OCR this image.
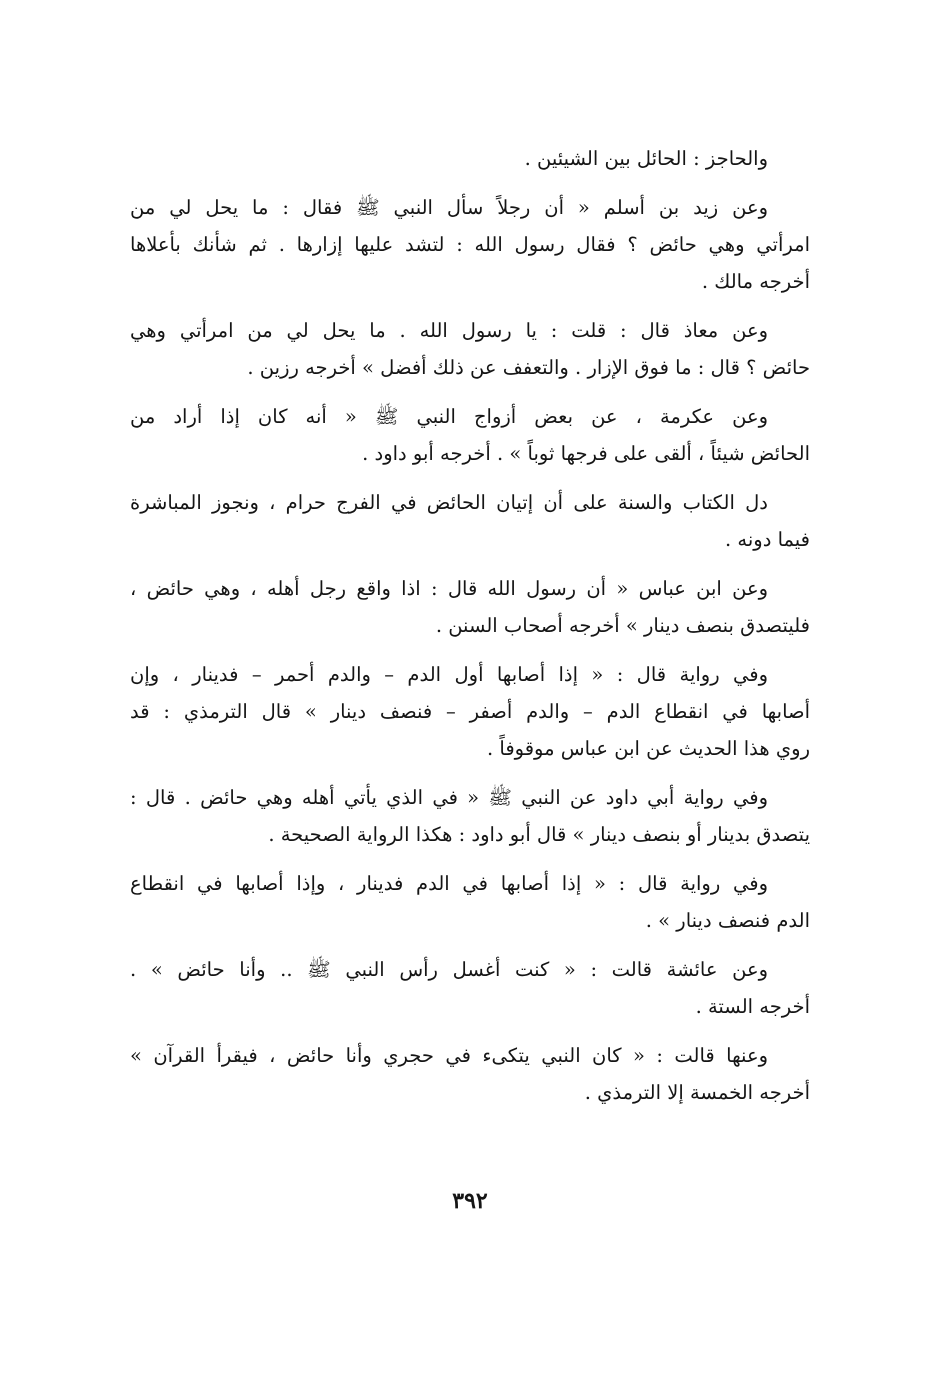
والحاجز : الحائل بين الشيئين .
وعن زيد بن أسلم « أن رجلاً سأل النبي ﷺ فقال : ما يحل لي من
امرأتي وهي حائض ؟ فقال رسول الله : لتشد عليها إزارها . ثم شأنك بأعلاها
أخرجه مالك .
وعن معاذ قال : قلت : يا رسول الله . ما يحل لي من امرأتي وهي
حائض ؟ قال : ما فوق الإزار . والتعفف عن ذلك أفضل » أخرجه رزين .
وعن عكرمة ، عن بعض أزواج النبي ﷺ « أنه كان إذا أراد من
الحائض شيئاً ، ألقى على فرجها ثوباً » . أخرجه أبو داود .
دل الكتاب والسنة على أن إتيان الحائض في الفرج حرام ، ونجوز المباشرة
فيما دونه .
وعن ابن عباس « أن رسول الله قال : اذا واقع رجل أهله ، وهي حائض ،
فليتصدق بنصف دينار » أخرجه أصحاب السنن .
وفي رواية قال : « إذا أصابها أول الدم – والدم أحمر – فدينار ، وإن
أصابها في انقطاع الدم – والدم أصفر – فنصف دينار » قال الترمذي : قد
روي هذا الحديث عن ابن عباس موقوفاً .
وفي رواية أبي داود عن النبي ﷺ « في الذي يأتي أهله وهي حائض . قال :
يتصدق بدينار أو بنصف دينار » قال أبو داود : هكذا الرواية الصحيحة .
وفي رواية قال : « إذا أصابها في الدم فدينار ، وإذا أصابها في انقطاع
الدم فنصف دينار » .
وعن عائشة قالت : « كنت أغسل رأس النبي ﷺ .. وأنا حائض » .
أخرجه الستة .
وعنها قالت : « كان النبي يتكىء في حجري وأنا حائض ، فيقرأ القرآن »
أخرجه الخمسة إلا الترمذي .
٣٩٢
